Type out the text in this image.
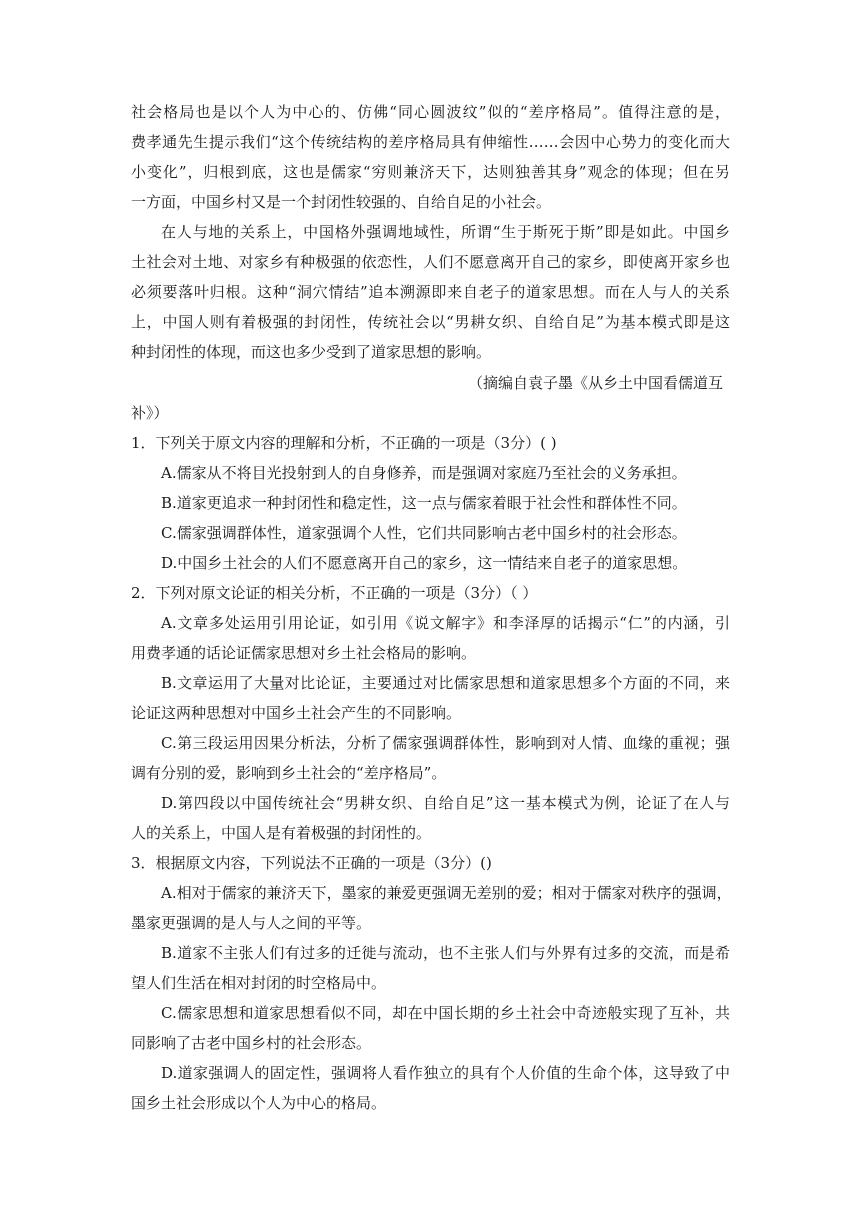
社会格局也是以个人为中心的、仿佛“同心圆波纹”似的“差序格局”。值得注意的是，
费孝通先生提示我们“这个传统结构的差序格局具有伸缩性……会因中心势力的变化而大
小变化”，归根到底，这也是儒家“穷则兼济天下，达则独善其身”观念的体现；但在另
一方面，中国乡村又是一个封闭性较强的、自给自足的小社会。
在人与地的关系上，中国格外强调地域性，所谓“生于斯死于斯”即是如此。中国乡
土社会对土地、对家乡有种极强的依恋性，人们不愿意离开自己的家乡，即使离开家乡也
必须要落叶归根。这种“洞穴情结”追本溯源即来自老子的道家思想。而在人与人的关系
上，中国人则有着极强的封闭性，传统社会以“男耕女织、自给自足”为基本模式即是这
种封闭性的体现，而这也多少受到了道家思想的影响。
（摘编自袁子墨《从乡土中国看儒道互
补》）
1．下列关于原文内容的理解和分析，不正确的一项是（3分）( )
A.儒家从不将目光投射到人的自身修养，而是强调对家庭乃至社会的义务承担。
B.道家更追求一种封闭性和稳定性，这一点与儒家着眼于社会性和群体性不同。
C.儒家强调群体性，道家强调个人性，它们共同影响古老中国乡村的社会形态。
D.中国乡土社会的人们不愿意离开自己的家乡，这一情结来自老子的道家思想。
2．下列对原文论证的相关分析，不正确的一项是（3分）（ ）
A.文章多处运用引用论证，如引用《说文解字》和李泽厚的话揭示“仁”的内涵，引
用费孝通的话论证儒家思想对乡土社会格局的影响。
B.文章运用了大量对比论证，主要通过对比儒家思想和道家思想多个方面的不同，来
论证这两种思想对中国乡土社会产生的不同影响。
C.第三段运用因果分析法，分析了儒家强调群体性，影响到对人情、血缘的重视；强
调有分别的爱，影响到乡土社会的“差序格局”。
D.第四段以中国传统社会“男耕女织、自给自足”这一基本模式为例，论证了在人与
人的关系上，中国人是有着极强的封闭性的。
3．根据原文内容，下列说法不正确的一项是（3分）()
A.相对于儒家的兼济天下，墨家的兼爱更强调无差别的爱；相对于儒家对秩序的强调，
墨家更强调的是人与人之间的平等。
B.道家不主张人们有过多的迁徙与流动，也不主张人们与外界有过多的交流，而是希
望人们生活在相对封闭的时空格局中。
C.儒家思想和道家思想看似不同，却在中国长期的乡土社会中奇迹般实现了互补，共
同影响了古老中国乡村的社会形态。
D.道家强调人的固定性，强调将人看作独立的具有个人价值的生命个体，这导致了中
国乡土社会形成以个人为中心的格局。
